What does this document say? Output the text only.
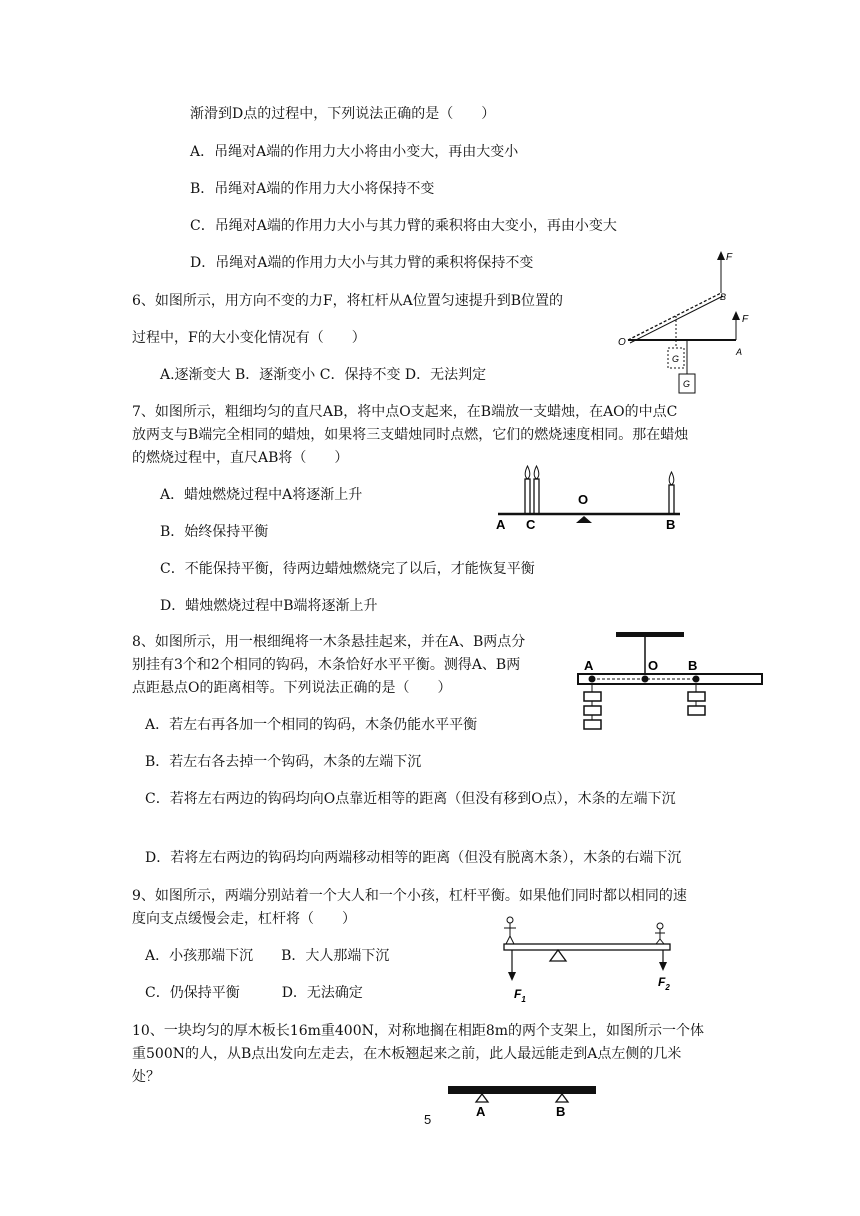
渐滑到D点的过程中，下列说法正确的是（　　）
A．吊绳对A端的作用力大小将由小变大，再由大变小
B．吊绳对A端的作用力大小将保持不变
C．吊绳对A端的作用力大小与其力臂的乘积将由大变小，再由小变大
D．吊绳对A端的作用力大小与其力臂的乘积将保持不变
6、如图所示，用方向不变的力F，将杠杆从A位置匀速提升到B位置的
过程中，F的大小变化情况有（　　）
A.逐渐变大 B．逐渐变小 C．保持不变 D．无法判定
F
B
O
F
A
G
G
7、如图所示，粗细均匀的直尺AB，将中点O支起来，在B端放一支蜡烛，在AO的中点C
放两支与B端完全相同的蜡烛，如果将三支蜡烛同时点燃，它们的燃烧速度相同。那在蜡烛
的燃烧过程中，直尺AB将（　　）
A．蜡烛燃烧过程中A将逐渐上升
B．始终保持平衡
C．不能保持平衡，待两边蜡烛燃烧完了以后，才能恢复平衡
D．蜡烛燃烧过程中B端将逐渐上升
O
A C	B
8、如图所示，用一根细绳将一木条悬挂起来，并在A、B两点分
别挂有3个和2个相同的钩码，木条恰好水平平衡。测得A、B两
点距悬点O的距离相等。下列说法正确的是（　　）
A．若左右再各加一个相同的钩码，木条仍能水平平衡
B．若左右各去掉一个钩码，木条的左端下沉
C．若将左右两边的钩码均向O点靠近相等的距离（但没有移到O点），木条的左端下沉
D．若将左右两边的钩码均向两端移动相等的距离（但没有脱离木条），木条的右端下沉
A	O B
9、如图所示，两端分别站着一个大人和一个小孩，杠杆平衡。如果他们同时都以相同的速
度向支点缓慢会走，杠杆将（　　）
A．小孩那端下沉　　B．大人那端下沉
C．仍保持平衡　　　D．无法确定	$F_1$
$F_2$
10、一块均匀的厚木板长16m重400N，对称地搁在相距8m的两个支架上，如图所示一个体
重500N的人，从B点出发向左走去，在木板翘起来之前，此人最远能走到A点左侧的几米
处？
A	B
5
